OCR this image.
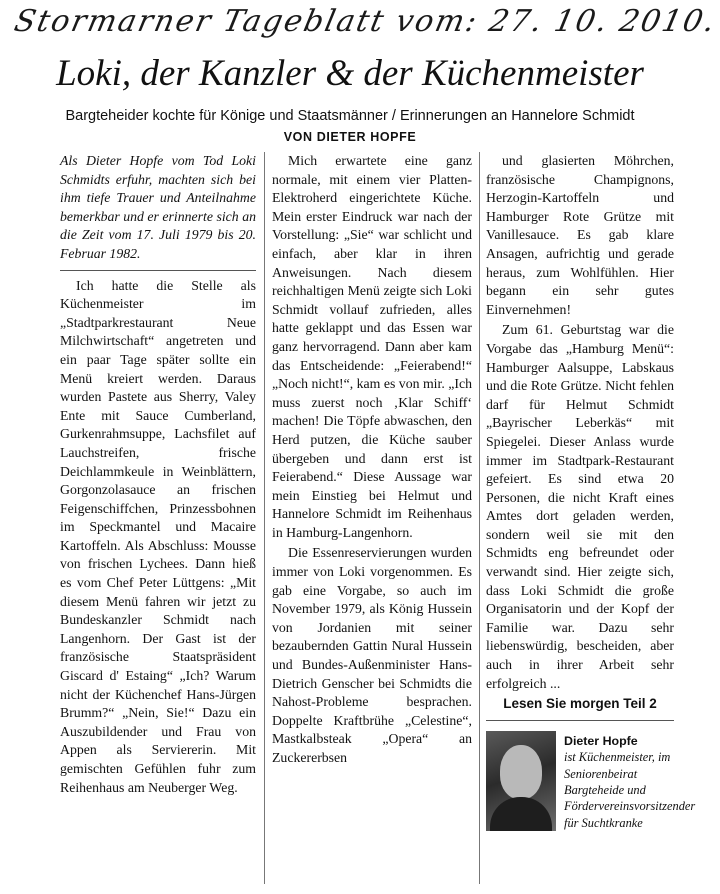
Stormarner Tageblatt vom: 27. 10. 2010.
Loki, der Kanzler & der Küchenmeister
Bargteheider kochte für Könige und Staatsmänner / Erinnerungen an Hannelore Schmidt
VON DIETER HOPFE

Als Dieter Hopfe vom Tod Loki Schmidts erfuhr, machten sich bei ihm tiefe Trauer und Anteilnahme bemerkbar und er erinnerte sich an die Zeit vom 17. Juli 1979 bis 20. Februar 1982.

Ich hatte die Stelle als Küchenmeister im „Stadtparkrestaurant Neue Milchwirtschaft“ angetreten und ein paar Tage später sollte ein Menü kreiert werden. Daraus wurden Pastete aus Sherry, Valey Ente mit Sauce Cumberland, Gurkenrahmsuppe, Lachsfilet auf Lauchstreifen, frische Deichlammkeule in Weinblättern, Gorgonzolasauce an frischen Feigenschiffchen, Prinzessbohnen im Speckmantel und Macaire Kartoffeln. Als Abschluss: Mousse von frischen Lychees. Dann hieß es vom Chef Peter Lüttgens: „Mit diesem Menü fahren wir jetzt zu Bundeskanzler Schmidt nach Langenhorn. Der Gast ist der französische Staatspräsident Giscard d' Estaing“ „Ich? Warum nicht der Küchenchef Hans-Jürgen Brumm?“ „Nein, Sie!“ Dazu ein Auszubildender und Frau von Appen als Serviererin. Mit gemischten Gefühlen fuhr zum Reihenhaus am Neuberger Weg.

Mich erwartete eine ganz normale, mit einem vier Platten-Elektroherd eingerichtete Küche. Mein erster Eindruck war nach der Vorstellung: „Sie“ war schlicht und einfach, aber klar in ihren Anweisungen. Nach diesem reichhaltigen Menü zeigte sich Loki Schmidt vollauf zufrieden, alles hatte geklappt und das Essen war ganz hervorragend. Dann aber kam das Entscheidende: „Feierabend!“ „Noch nicht!“, kam es von mir. „Ich muss zuerst noch ‚Klar Schiff‘ machen! Die Töpfe abwaschen, den Herd putzen, die Küche sauber übergeben und dann erst ist Feierabend.“ Diese Aussage war mein Einstieg bei Helmut und Hannelore Schmidt im Reihenhaus in Hamburg-Langenhorn.

Die Essenreservierungen wurden immer von Loki vorgenommen. Es gab eine Vorgabe, so auch im November 1979, als König Hussein von Jordanien mit seiner bezaubernden Gattin Nural Hussein und Bundes-Außenminister Hans-Dietrich Genscher bei Schmidts die Nahost-Probleme besprachen. Doppelte Kraftbrühe „Celestine“, Mastkalbsteak „Opera“ an Zuckererbsen

und glasierten Möhrchen, französische Champignons, Herzogin-Kartoffeln und Hamburger Rote Grütze mit Vanillesauce. Es gab klare Ansagen, aufrichtig und gerade heraus, zum Wohlfühlen. Hier begann ein sehr gutes Einvernehmen!

Zum 61. Geburtstag war die Vorgabe das „Hamburg Menü“: Hamburger Aalsuppe, Labskaus und die Rote Grütze. Nicht fehlen darf für Helmut Schmidt „Bayrischer Leberkäs“ mit Spiegelei. Dieser Anlass wurde immer im Stadtpark-Restaurant gefeiert. Es sind etwa 20 Personen, die nicht Kraft eines Amtes dort geladen werden, sondern weil sie mit den Schmidts eng befreundet oder verwandt sind. Hier zeigte sich, dass Loki Schmidt die große Organisatorin und der Kopf der Familie war. Dazu sehr liebenswürdig, bescheiden, aber auch in ihrer Arbeit sehr erfolgreich ...

Lesen Sie morgen Teil 2

Dieter Hopfe
ist Küchenmeister, im Seniorenbeirat Bargteheide und Fördervereinsvorsitzender für Suchtkranke
